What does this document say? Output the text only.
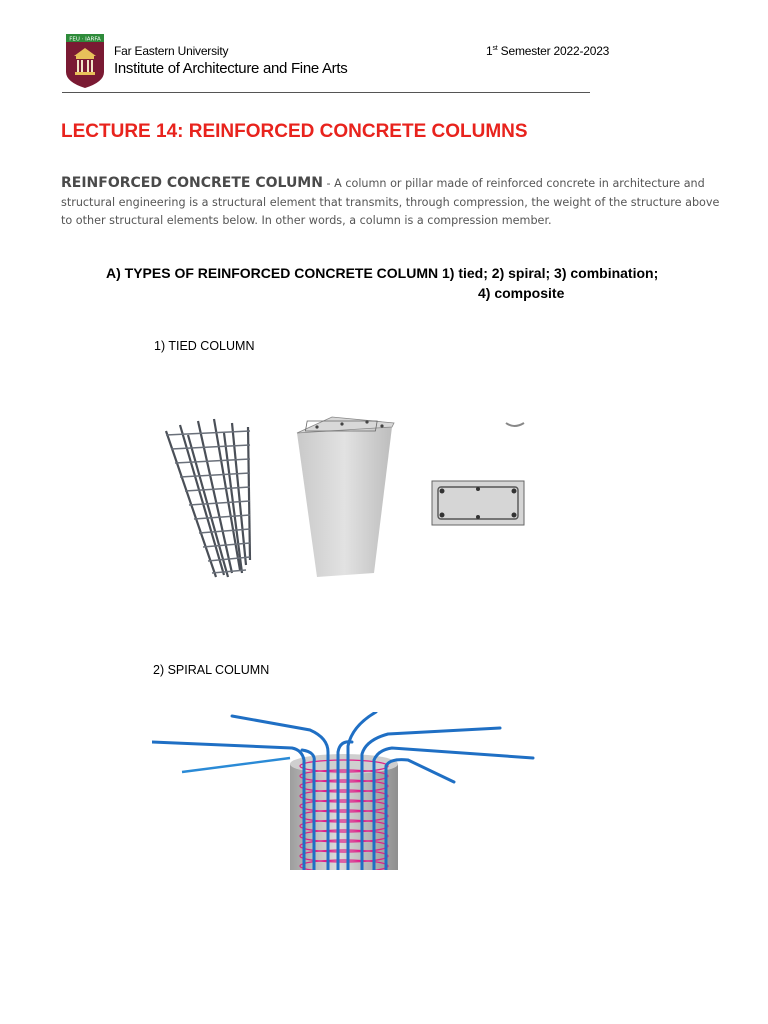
FEU · IARFA
Far Eastern University
Institute of Architecture and Fine Arts
1st Semester 2022-2023
LECTURE 14: REINFORCED CONCRETE COLUMNS
REINFORCED CONCRETE COLUMN - A column or pillar made of reinforced concrete in architecture and structural engineering is a structural element that transmits, through compression, the weight of the structure above to other structural elements below. In other words, a column is a compression member.
A) TYPES OF REINFORCED CONCRETE COLUMN 1) tied; 2) spiral; 3) combination;
4) composite
1) TIED COLUMN
2) SPIRAL COLUMN
